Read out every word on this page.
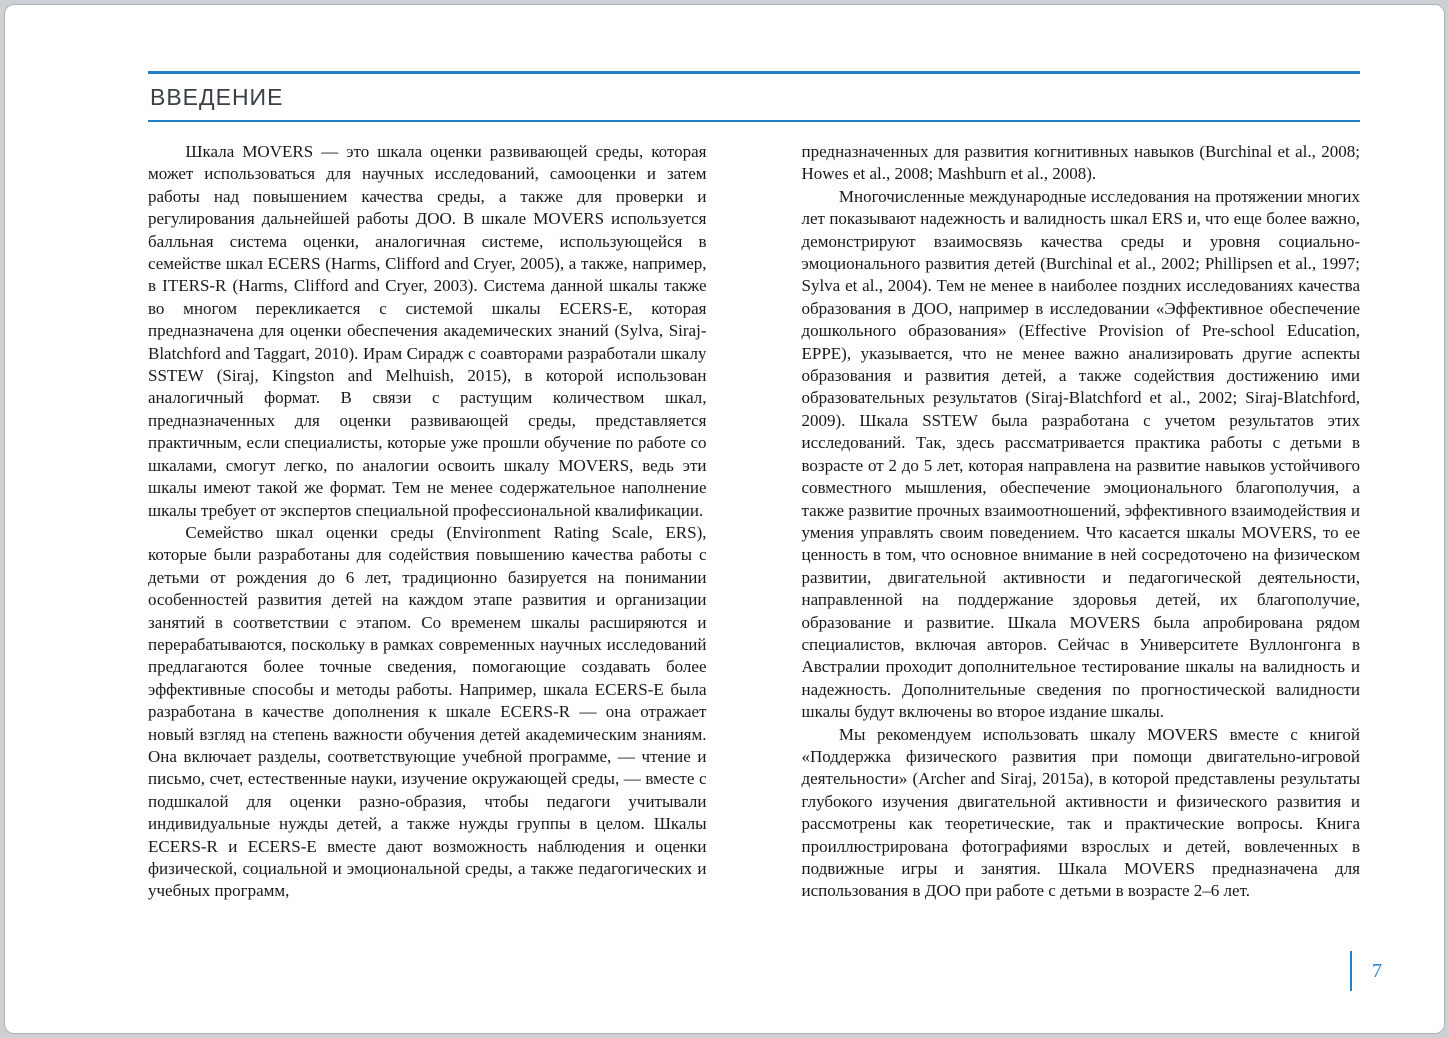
ВВЕДЕНИЕ

Шкала MOVERS — это шкала оценки развивающей среды, которая может использоваться для научных исследований, самооценки и затем работы над повышением качества среды, а также для проверки и регулирования дальнейшей работы ДОО. В шкале MOVERS используется балльная система оценки, аналогичная системе, использующейся в семействе шкал ECERS (Harms, Clifford and Cryer, 2005), а также, например, в ITERS-R (Harms, Clifford and Cryer, 2003). Система данной шкалы также во многом перекликается с системой шкалы ECERS-E, которая предназначена для оценки обеспечения академических знаний (Sylva, Siraj-Blatchford and Taggart, 2010). Ирам Сирадж с соавторами разработали шкалу SSTEW (Siraj, Kingston and Melhuish, 2015), в которой использован аналогичный формат. В связи с растущим количеством шкал, предназначенных для оценки развивающей среды, представляется практичным, если специалисты, которые уже прошли обучение по работе со шкалами, смогут легко, по аналогии освоить шкалу MOVERS, ведь эти шкалы имеют такой же формат. Тем не менее содержательное наполнение шкалы требует от экспертов специальной профессиональной квалификации.

Семейство шкал оценки среды (Environment Rating Scale, ERS), которые были разработаны для содействия повышению качества работы с детьми от рождения до 6 лет, традиционно базируется на понимании особенностей развития детей на каждом этапе развития и организации занятий в соответствии с этапом. Со временем шкалы расширяются и перерабатываются, поскольку в рамках современных научных исследований предлагаются более точные сведения, помогающие создавать более эффективные способы и методы работы. Например, шкала ECERS-E была разработана в качестве дополнения к шкале ECERS-R — она отражает новый взгляд на степень важности обучения детей академическим знаниям. Она включает разделы, соответствующие учебной программе, — чтение и письмо, счет, естественные науки, изучение окружающей среды, — вместе с подшкалой для оценки разно-образия, чтобы педагоги учитывали индивидуальные нужды детей, а также нужды группы в целом. Шкалы ECERS-R и ECERS-E вместе дают возможность наблюдения и оценки физической, социальной и эмоциональной среды, а также педагогических и учебных программ,

предназначенных для развития когнитивных навыков (Burchinal et al., 2008; Howes et al., 2008; Mashburn et al., 2008).

Многочисленные международные исследования на протяжении многих лет показывают надежность и валидность шкал ERS и, что еще более важно, демонстрируют взаимосвязь качества среды и уровня социально-эмоционального развития детей (Burchinal et al., 2002; Phillipsen et al., 1997; Sylva et al., 2004). Тем не менее в наиболее поздних исследованиях качества образования в ДОО, например в исследовании «Эффективное обеспечение дошкольного образования» (Effective Provision of Pre-school Education, EPPE), указывается, что не менее важно анализировать другие аспекты образования и развития детей, а также содействия достижению ими образовательных результатов (Siraj-Blatchford et al., 2002; Siraj-Blatchford, 2009). Шкала SSTEW была разработана с учетом результатов этих исследований. Так, здесь рассматривается практика работы с детьми в возрасте от 2 до 5 лет, которая направлена на развитие навыков устойчивого совместного мышления, обеспечение эмоционального благополучия, а также развитие прочных взаимоотношений, эффективного взаимодействия и умения управлять своим поведением. Что касается шкалы MOVERS, то ее ценность в том, что основное внимание в ней сосредоточено на физическом развитии, двигательной активности и педагогической деятельности, направленной на поддержание здоровья детей, их благополучие, образование и развитие. Шкала MOVERS была апробирована рядом специалистов, включая авторов. Сейчас в Университете Вуллонгонга в Австралии проходит дополнительное тестирование шкалы на валидность и надежность. Дополнительные сведения по прогностической валидности шкалы будут включены во второе издание шкалы.

Мы рекомендуем использовать шкалу MOVERS вместе с книгой «Поддержка физического развития при помощи двигательно-игровой деятельности» (Archer and Siraj, 2015a), в которой представлены результаты глубокого изучения двигательной активности и физического развития и рассмотрены как теоретические, так и практические вопросы. Книга проиллюстрирована фотографиями взрослых и детей, вовлеченных в подвижные игры и занятия. Шкала MOVERS предназначена для использования в ДОО при работе с детьми в возрасте 2–6 лет.

7
